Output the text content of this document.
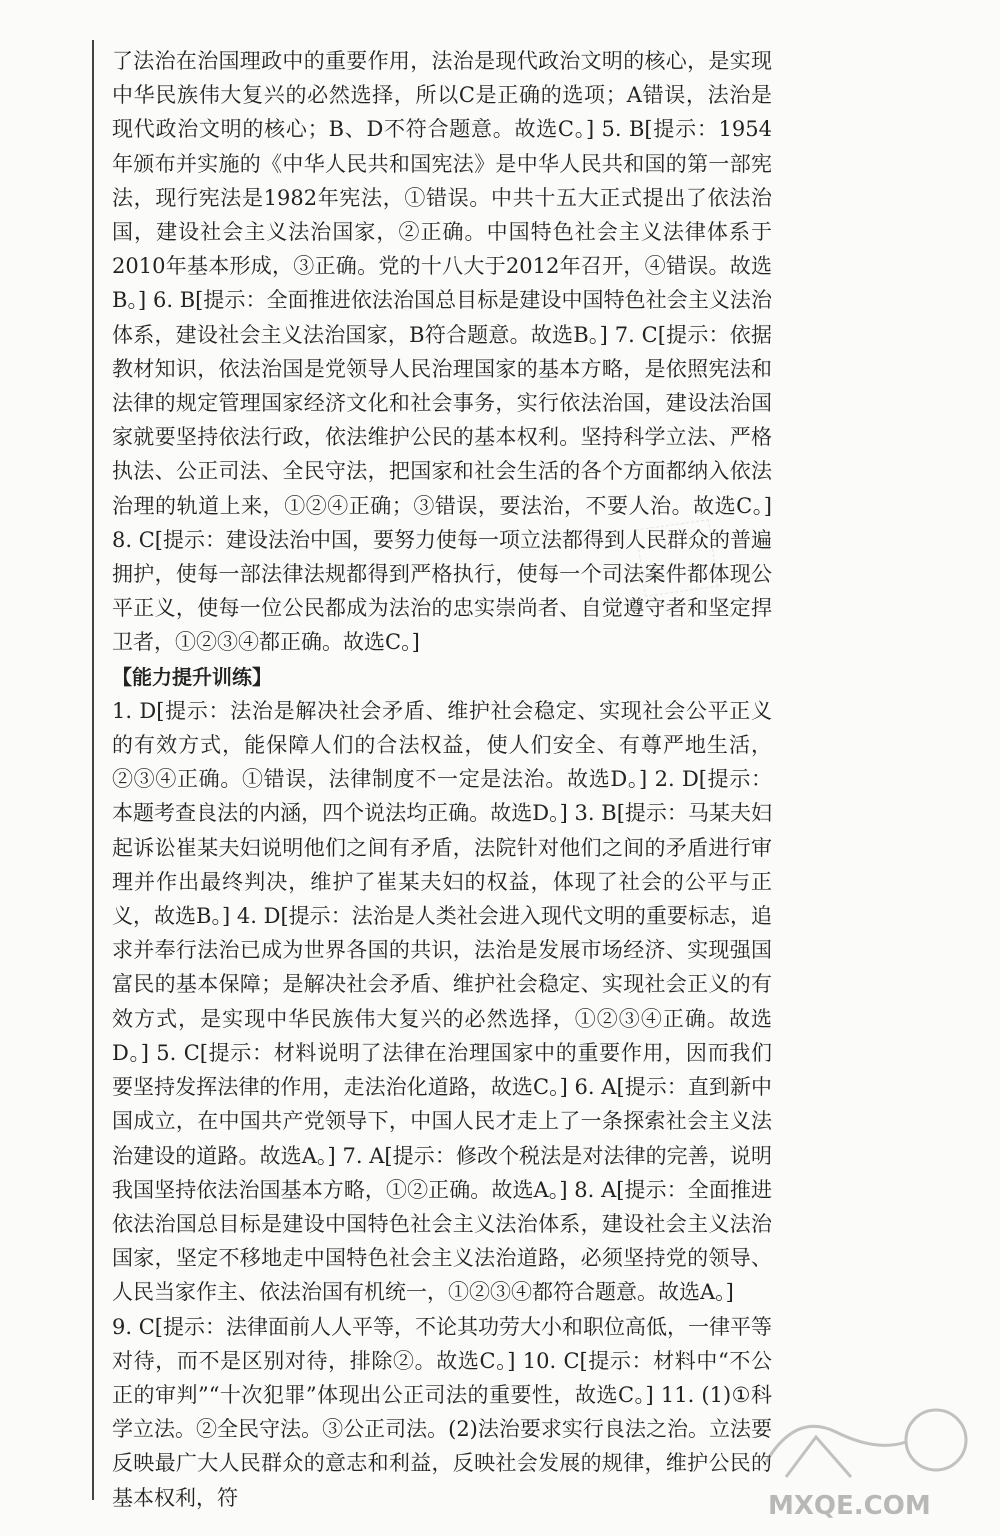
了法治在治国理政中的重要作用，法治是现代政治文明的核心，是实现中华民族伟大复兴的必然选择，所以C是正确的选项；A错误，法治是现代政治文明的核心；B、D不符合题意。故选C。] 5. B[提示：1954年颁布并实施的《中华人民共和国宪法》是中华人民共和国的第一部宪法，现行宪法是1982年宪法，①错误。中共十五大正式提出了依法治国，建设社会主义法治国家，②正确。中国特色社会主义法律体系于2010年基本形成，③正确。党的十八大于2012年召开，④错误。故选B。] 6. B[提示：全面推进依法治国总目标是建设中国特色社会主义法治体系，建设社会主义法治国家，B符合题意。故选B。] 7. C[提示：依据教材知识，依法治国是党领导人民治理国家的基本方略，是依照宪法和法律的规定管理国家经济文化和社会事务，实行依法治国，建设法治国家就要坚持依法行政，依法维护公民的基本权利。坚持科学立法、严格执法、公正司法、全民守法，把国家和社会生活的各个方面都纳入依法治理的轨道上来，①②④正确；③错误，要法治，不要人治。故选C。] 8. C[提示：建设法治中国，要努力使每一项立法都得到人民群众的普遍拥护，使每一部法律法规都得到严格执行，使每一个司法案件都体现公平正义，使每一位公民都成为法治的忠实崇尚者、自觉遵守者和坚定捍卫者，①②③④都正确。故选C。]

【能力提升训练】

1. D[提示：法治是解决社会矛盾、维护社会稳定、实现社会公平正义的有效方式，能保障人们的合法权益，使人们安全、有尊严地生活，②③④正确。①错误，法律制度不一定是法治。故选D。] 2. D[提示：本题考查良法的内涵，四个说法均正确。故选D。] 3. B[提示：马某夫妇起诉讼崔某夫妇说明他们之间有矛盾，法院针对他们之间的矛盾进行审理并作出最终判决，维护了崔某夫妇的权益，体现了社会的公平与正义，故选B。] 4. D[提示：法治是人类社会进入现代文明的重要标志，追求并奉行法治已成为世界各国的共识，法治是发展市场经济、实现强国富民的基本保障；是解决社会矛盾、维护社会稳定、实现社会正义的有效方式，是实现中华民族伟大复兴的必然选择，①②③④正确。故选D。] 5. C[提示：材料说明了法律在治理国家中的重要作用，因而我们要坚持发挥法律的作用，走法治化道路，故选C。] 6. A[提示：直到新中国成立，在中国共产党领导下，中国人民才走上了一条探索社会主义法治建设的道路。故选A。] 7. A[提示：修改个税法是对法律的完善，说明我国坚持依法治国基本方略，①②正确。故选A。] 8. A[提示：全面推进依法治国总目标是建设中国特色社会主义法治体系，建设社会主义法治国家，坚定不移地走中国特色社会主义法治道路，必须坚持党的领导、人民当家作主、依法治国有机统一，①②③④都符合题意。故选A。]

9. C[提示：法律面前人人平等，不论其功劳大小和职位高低，一律平等对待，而不是区别对待，排除②。故选C。] 10. C[提示：材料中“不公正的审判”“十次犯罪”体现出公正司法的重要性，故选C。] 11. (1)①科学立法。②全民守法。③公正司法。(2)法治要求实行良法之治。立法要反映最广大人民群众的意志和利益，反映社会发展的规律，维护公民的基本权利，符	MXQE.COM
